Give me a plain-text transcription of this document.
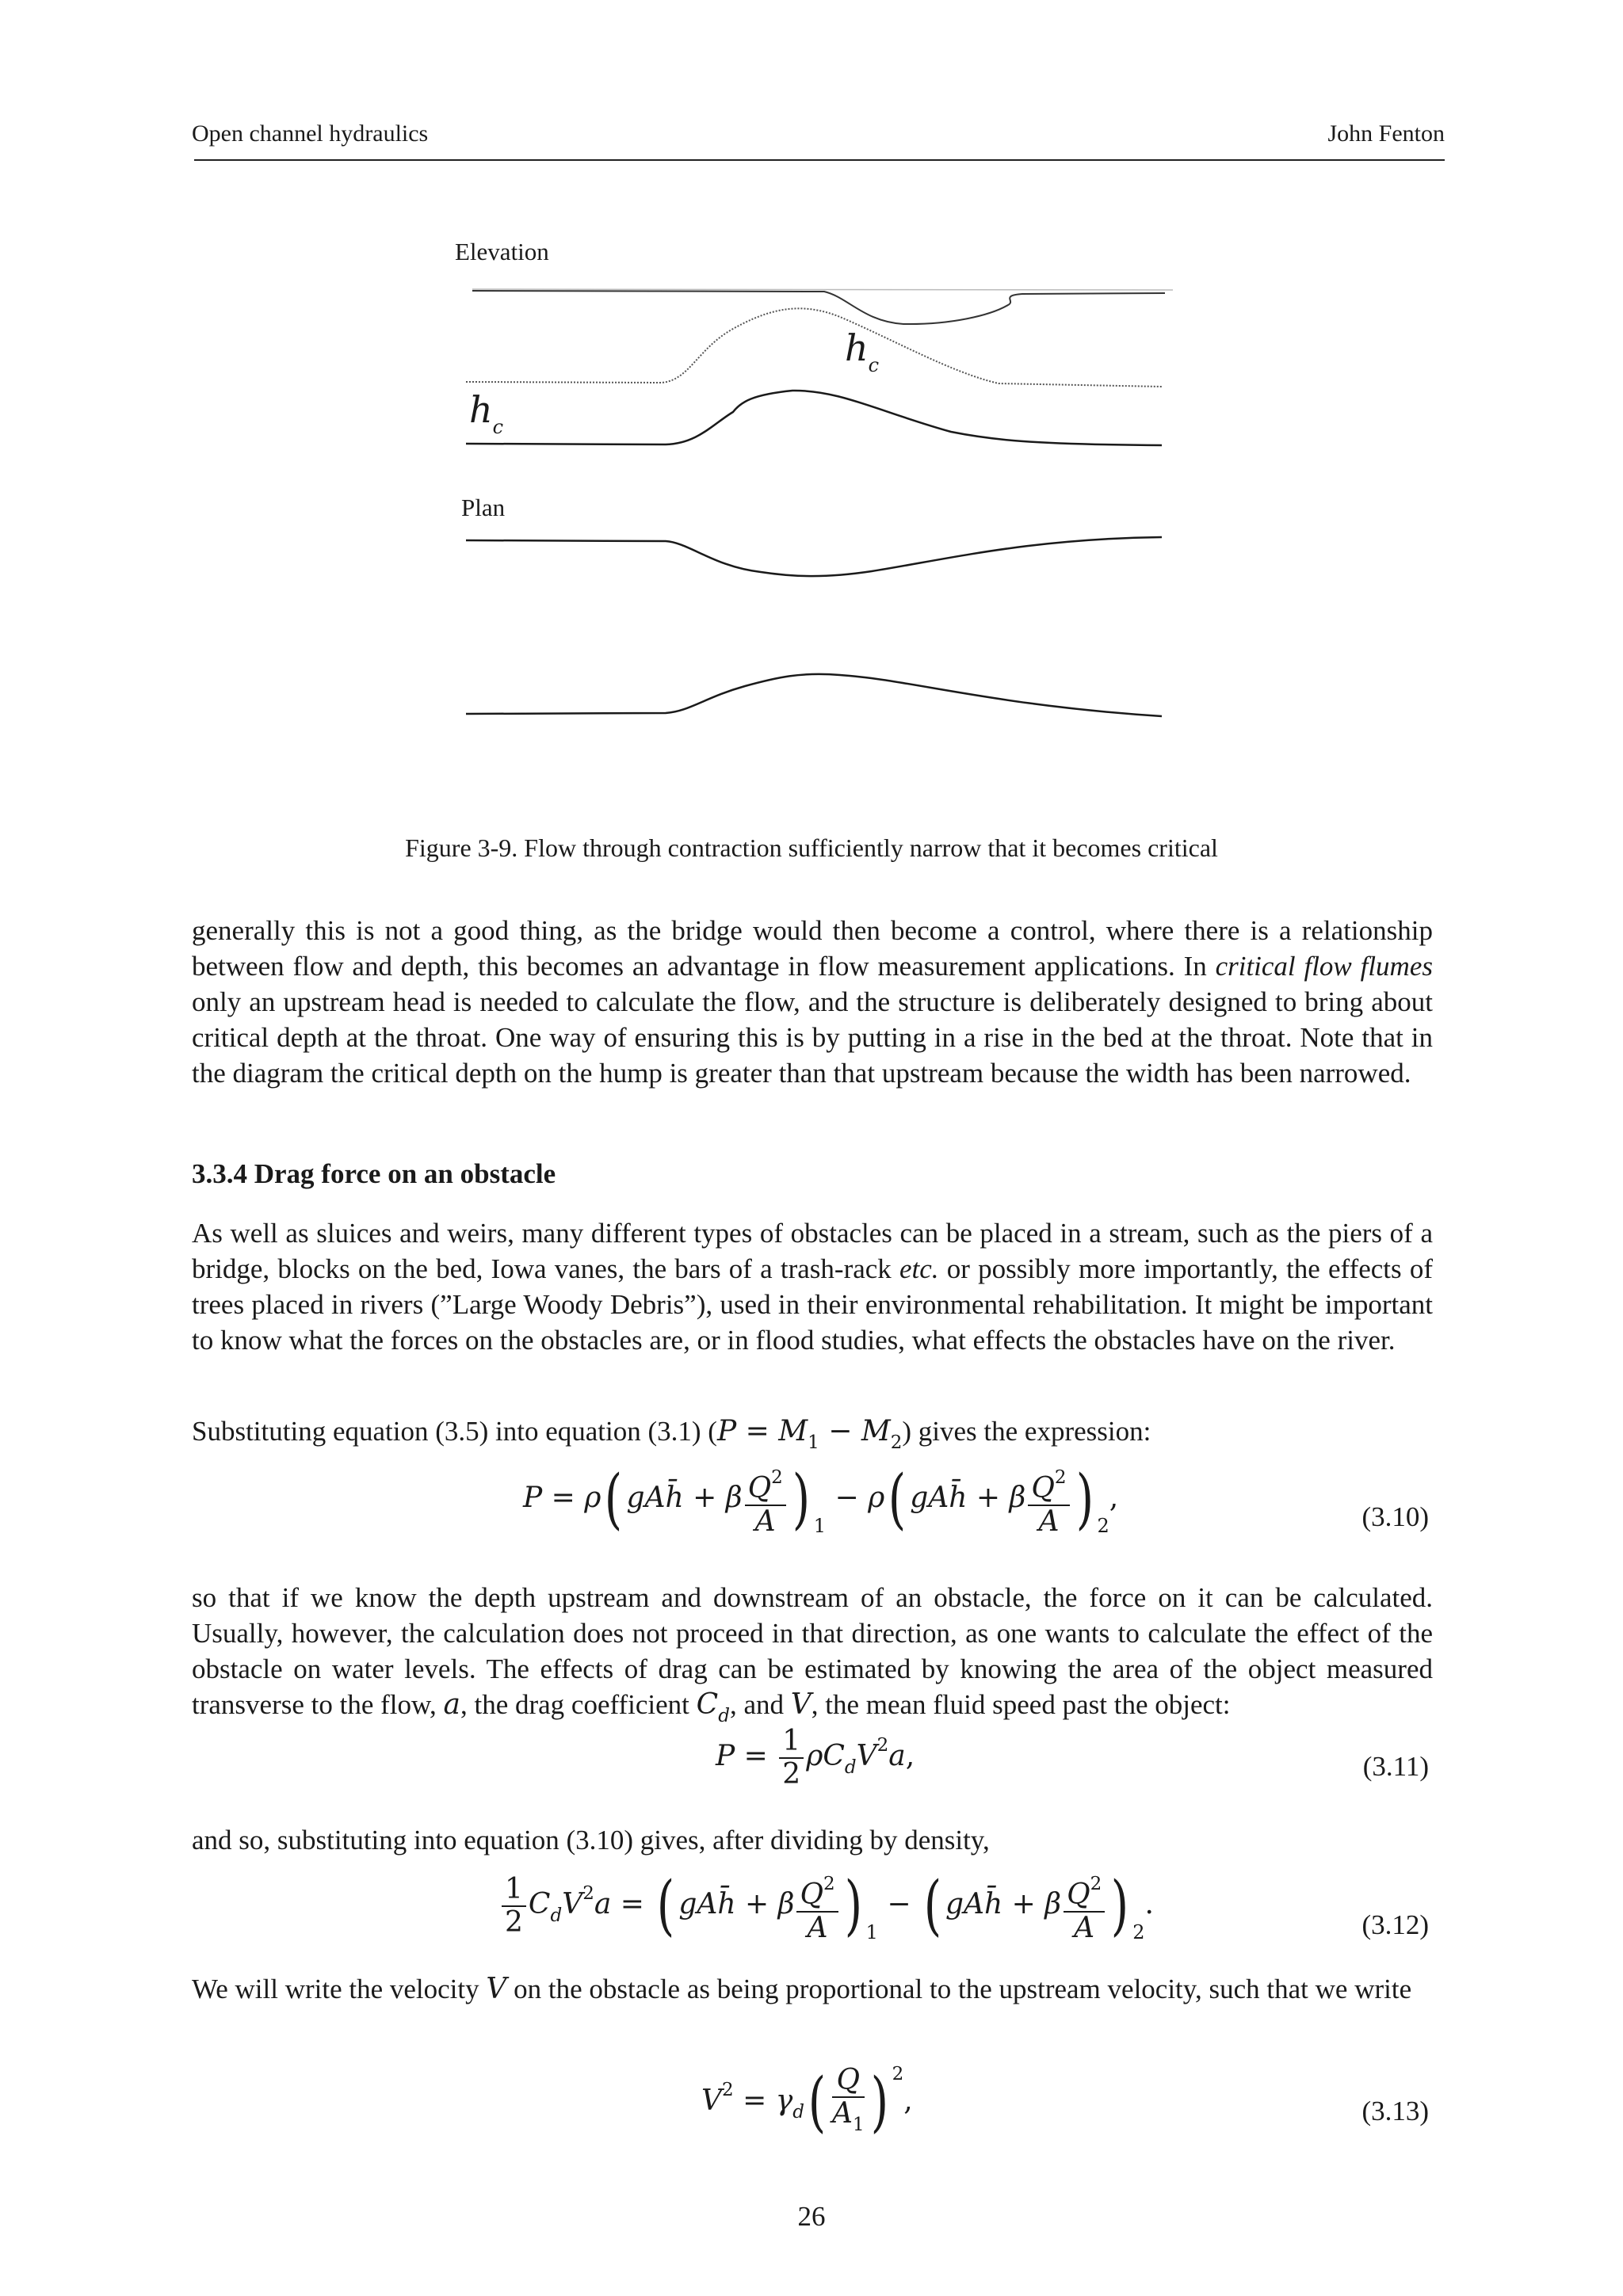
Open channel hydraulics	John Fenton
Elevation
Plan
$h_c$
$h_c$
Figure 3-9. Flow through contraction sufficiently narrow that it becomes critical
generally this is not a good thing, as the bridge would then become a control, where there is a relationship between flow and depth, this becomes an advantage in flow measurement applications. In critical flow flumes only an upstream head is needed to calculate the flow, and the structure is deliberately designed to bring about critical depth at the throat. One way of ensuring this is by putting in a rise in the bed at the throat. Note that in the diagram the critical depth on the hump is greater than that upstream because the width has been narrowed.
3.3.4 Drag force on an obstacle
As well as sluices and weirs, many different types of obstacles can be placed in a stream, such as the piers of a bridge, blocks on the bed, Iowa vanes, the bars of a trash-rack etc. or possibly more importantly, the effects of trees placed in rivers (”Large Woody Debris”), used in their environmental rehabilitation. It might be important to know what the forces on the obstacles are, or in flood studies, what effects the obstacles have on the river.
Substituting equation (3.5) into equation (3.1) $(P = M_1 - M_2)$ gives the expression:
P = ρ( gAh̄ + β $\frac{Q^2}{A}$ ) $_1$ − ρ( gAh̄ + β $\frac{Q^2}{A}$ ) $_2$,
(3.10)
so that if we know the depth upstream and downstream of an obstacle, the force on it can be calculated. Usually, however, the calculation does not proceed in that direction, as one wants to calculate the effect of the obstacle on water levels. The effects of drag can be estimated by knowing the area of the object measured transverse to the flow, a, the drag coefficient $C_d$, and V, the mean fluid speed past the object:
$P = \frac{1}{2} \rho C_dV^2a$,	(3.11)
and so, substituting into equation (3.10) gives, after dividing by density,
$\frac{1}{2} C_dV^2a$ = ( gAh̄ + β $\frac{Q^2}{A}$ ) $_1$ − ( gAh̄ + β $\frac{Q^2}{A}$ ) $_2$.
(3.12)
We will write the velocity V on the obstacle as being proportional to the upstream velocity, such that we write
$V^2 = \gamma_d( \frac{Q}{A_1}$ ) $^2$,	(3.13)
26
